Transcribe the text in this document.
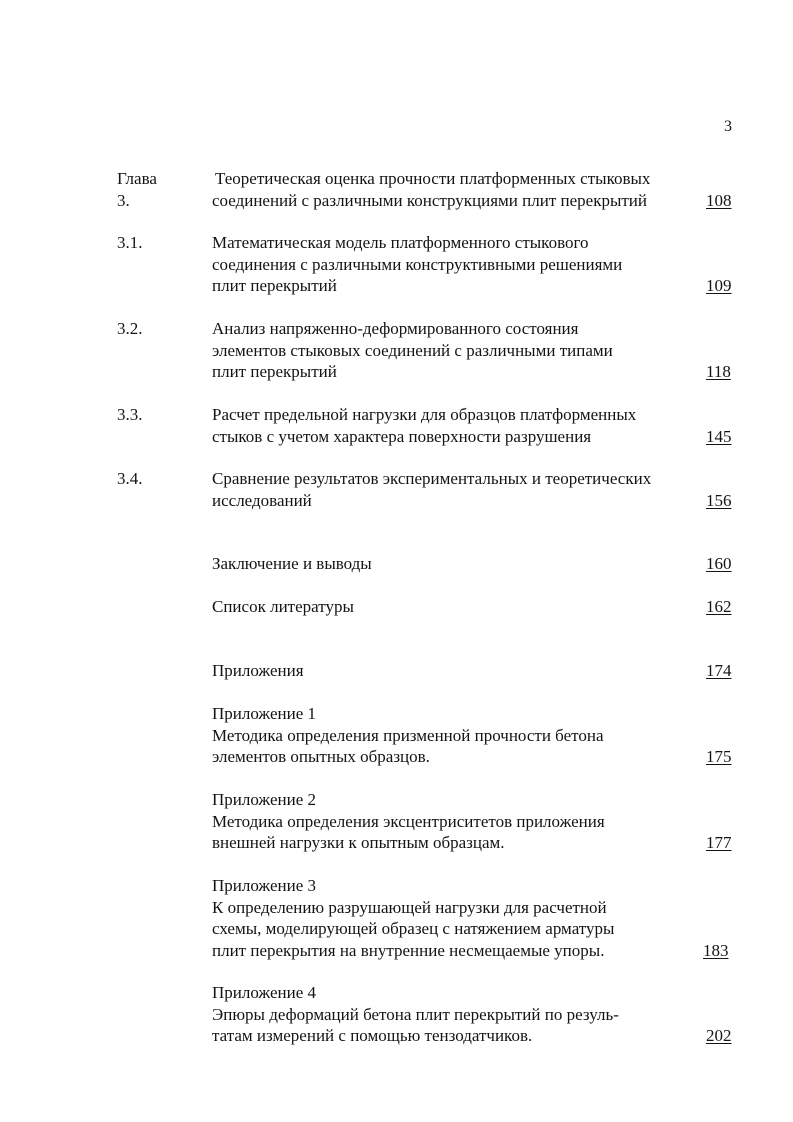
3
Глава 3.
Теоретическая оценка прочности платформенных стыковых
соединений с различными конструкциями плит перекрытий	108
3.1.	Математическая модель платформенного стыкового
соединения с различными конструктивными решениями
плит перекрытий	109
3.2.	Анализ напряженно-деформированного состояния
элементов стыковых соединений с различными типами
плит перекрытий	118
3.3.	Расчет предельной нагрузки для образцов платформенных
стыков с учетом характера поверхности разрушения	145
3.4.	Сравнение результатов экспериментальных и теоретических
исследований	156
Заключение и выводы	160
Список литературы	162
Приложения	174
Приложение 1
Методика определения призменной прочности бетона
элементов опытных образцов.	175
Приложение 2
Методика определения эксцентриситетов приложения
внешней нагрузки к опытным образцам.	177
Приложение 3
К определению разрушающей нагрузки для расчетной
схемы, моделирующей образец с натяжением арматуры
плит перекрытия на внутренние несмещаемые упоры.	183
Приложение 4
Эпюры деформаций бетона плит перекрытий по резуль-
татам измерений с помощью тензодатчиков.	202
